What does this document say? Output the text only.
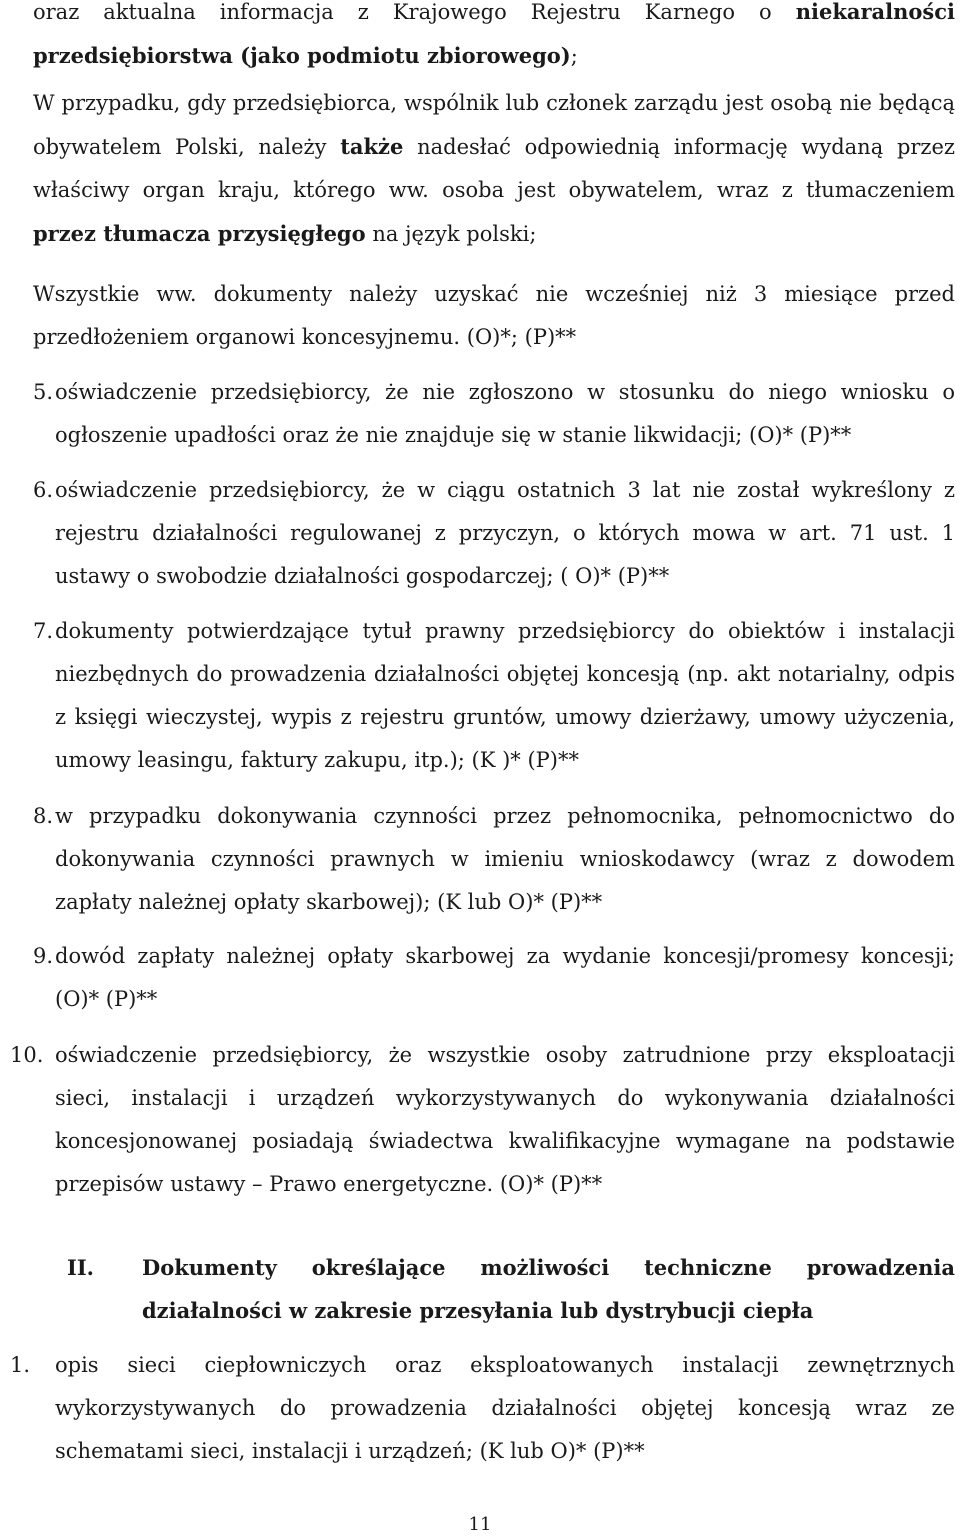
oraz aktualna informacja z Krajowego Rejestru Karnego o niekaralności przedsiębiorstwa (jako podmiotu zbiorowego);

W przypadku, gdy przedsiębiorca, wspólnik lub członek zarządu jest osobą nie będącą obywatelem Polski, należy także nadesłać odpowiednią informację wydaną przez właściwy organ kraju, którego ww. osoba jest obywatelem, wraz z tłumaczeniem przez tłumacza przysięgłego na język polski;

Wszystkie ww. dokumenty należy uzyskać nie wcześniej niż 3 miesiące przed przedłożeniem organowi koncesyjnemu. (O)*; (P)**

5. oświadczenie przedsiębiorcy, że nie zgłoszono w stosunku do niego wniosku o ogłoszenie upadłości oraz że nie znajduje się w stanie likwidacji; (O)* (P)**
6. oświadczenie przedsiębiorcy, że w ciągu ostatnich 3 lat nie został wykreślony z rejestru działalności regulowanej z przyczyn, o których mowa w art. 71 ust. 1 ustawy o swobodzie działalności gospodarczej; ( O)* (P)**
7. dokumenty potwierdzające tytuł prawny przedsiębiorcy do obiektów i instalacji niezbędnych do prowadzenia działalności objętej koncesją (np. akt notarialny, odpis z księgi wieczystej, wypis z rejestru gruntów, umowy dzierżawy, umowy użyczenia, umowy leasingu, faktury zakupu, itp.); (K )* (P)**
8. w przypadku dokonywania czynności przez pełnomocnika, pełnomocnictwo do dokonywania czynności prawnych w imieniu wnioskodawcy (wraz z dowodem zapłaty należnej opłaty skarbowej); (K lub O)* (P)**
9. dowód zapłaty należnej opłaty skarbowej za wydanie koncesji/promesy koncesji; (O)* (P)**
10. oświadczenie przedsiębiorcy, że wszystkie osoby zatrudnione przy eksploatacji sieci, instalacji i urządzeń wykorzystywanych do wykonywania działalności koncesjonowanej posiadają świadectwa kwalifikacyjne wymagane na podstawie przepisów ustawy – Prawo energetyczne. (O)* (P)**
II. Dokumenty określające możliwości techniczne prowadzenia działalności w zakresie przesyłania lub dystrybucji ciepła
1. opis sieci ciepłowniczych oraz eksploatowanych instalacji zewnętrznych wykorzystywanych do prowadzenia działalności objętej koncesją wraz ze schematami sieci, instalacji i urządzeń; (K lub O)* (P)**
11
